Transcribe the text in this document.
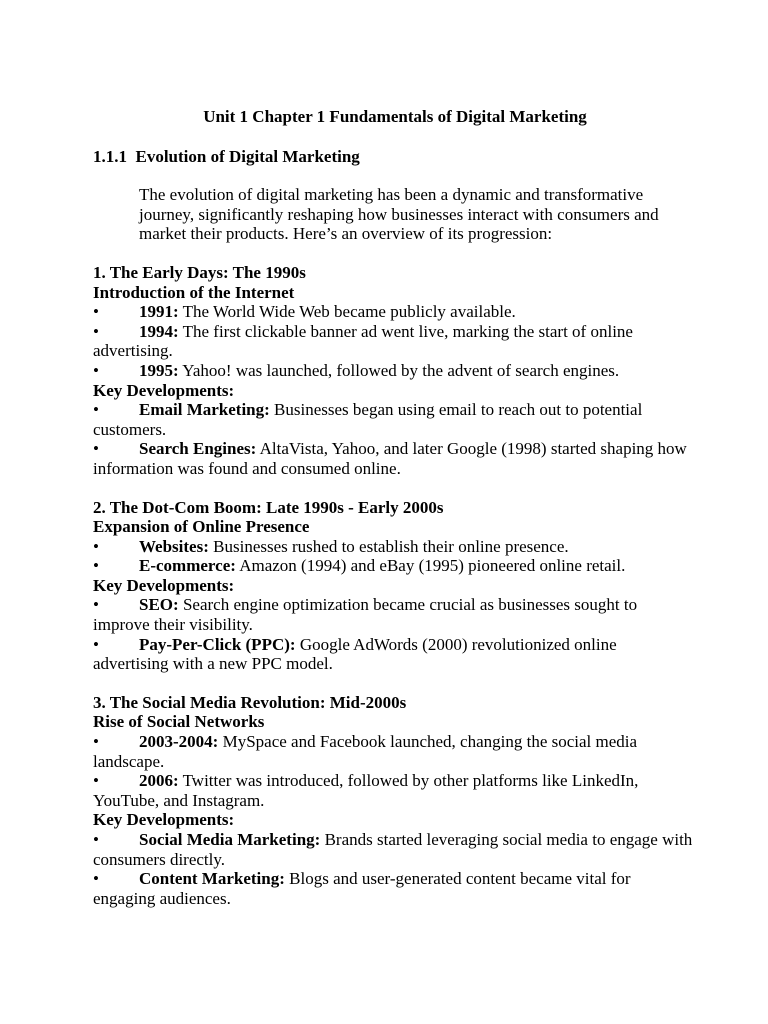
Unit 1 Chapter 1 Fundamentals of Digital Marketing
1.1.1  Evolution of Digital Marketing
The evolution of digital marketing has been a dynamic and transformative journey, significantly reshaping how businesses interact with consumers and market their products. Here’s an overview of its progression:
1. The Early Days: The 1990s
Introduction of the Internet
• 1991: The World Wide Web became publicly available.
• 1994: The first clickable banner ad went live, marking the start of online advertising.
• 1995: Yahoo! was launched, followed by the advent of search engines.
Key Developments:
• Email Marketing: Businesses began using email to reach out to potential customers.
• Search Engines: AltaVista, Yahoo, and later Google (1998) started shaping how information was found and consumed online.
2. The Dot-Com Boom: Late 1990s - Early 2000s
Expansion of Online Presence
• Websites: Businesses rushed to establish their online presence.
• E-commerce: Amazon (1994) and eBay (1995) pioneered online retail.
Key Developments:
• SEO: Search engine optimization became crucial as businesses sought to improve their visibility.
• Pay-Per-Click (PPC): Google AdWords (2000) revolutionized online advertising with a new PPC model.
3. The Social Media Revolution: Mid-2000s
Rise of Social Networks
• 2003-2004: MySpace and Facebook launched, changing the social media landscape.
• 2006: Twitter was introduced, followed by other platforms like LinkedIn, YouTube, and Instagram.
Key Developments:
• Social Media Marketing: Brands started leveraging social media to engage with consumers directly.
• Content Marketing: Blogs and user-generated content became vital for engaging audiences.
